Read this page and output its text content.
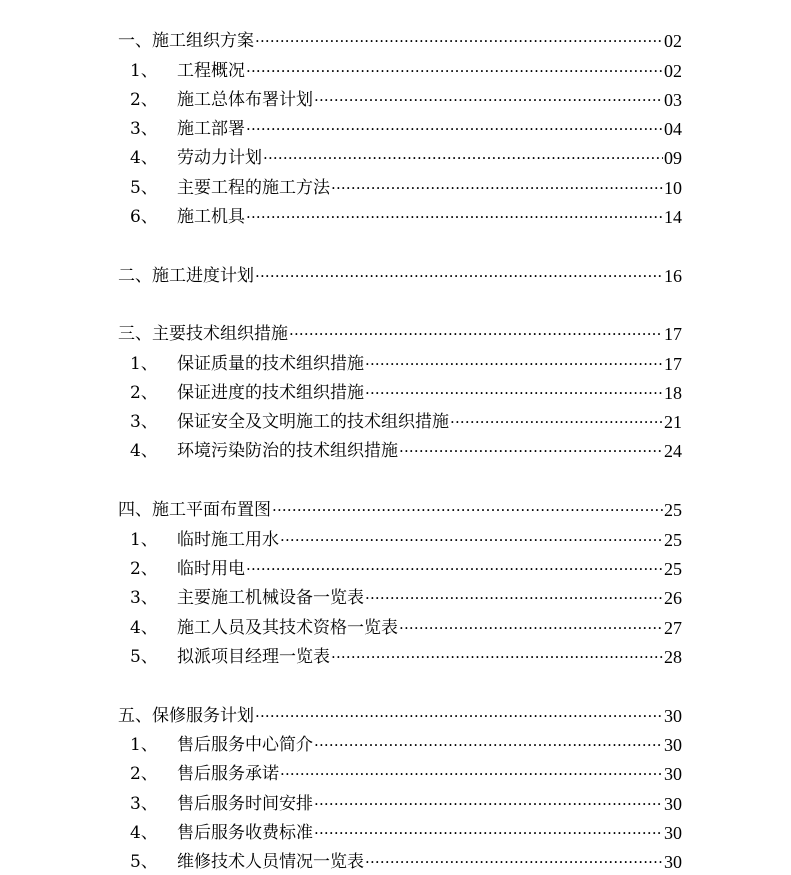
一、施工组织方案 ·····	02
1、	工程概况 ·····	02
2、	施工总体布署计划 ·····	03
3、	施工部署 ·····	04
4、	劳动力计划 ·····	09
5、	主要工程的施工方法 ·····	10
6、	施工机具 ·····	14
二、施工进度计划 ·····	16
三、主要技术组织措施 ·····	17
1、	保证质量的技术组织措施 ·····	17
2、	保证进度的技术组织措施 ·····	18
3、	保证安全及文明施工的技术组织措施 ·····	21
4、	环境污染防治的技术组织措施 ·····	24
四、施工平面布置图 ·····	25
1、	临时施工用水 ·····	25
2、	临时用电 ·····	25
3、	主要施工机械设备一览表 ·····	26
4、	施工人员及其技术资格一览表 ·····	27
5、	拟派项目经理一览表 ·····	28
五、保修服务计划 ·····	30
1、	售后服务中心简介 ·····	30
2、	售后服务承诺 ·····	30
3、	售后服务时间安排 ·····	30
4、	售后服务收费标准 ·····	30
5、	维修技术人员情况一览表 ·····	30
